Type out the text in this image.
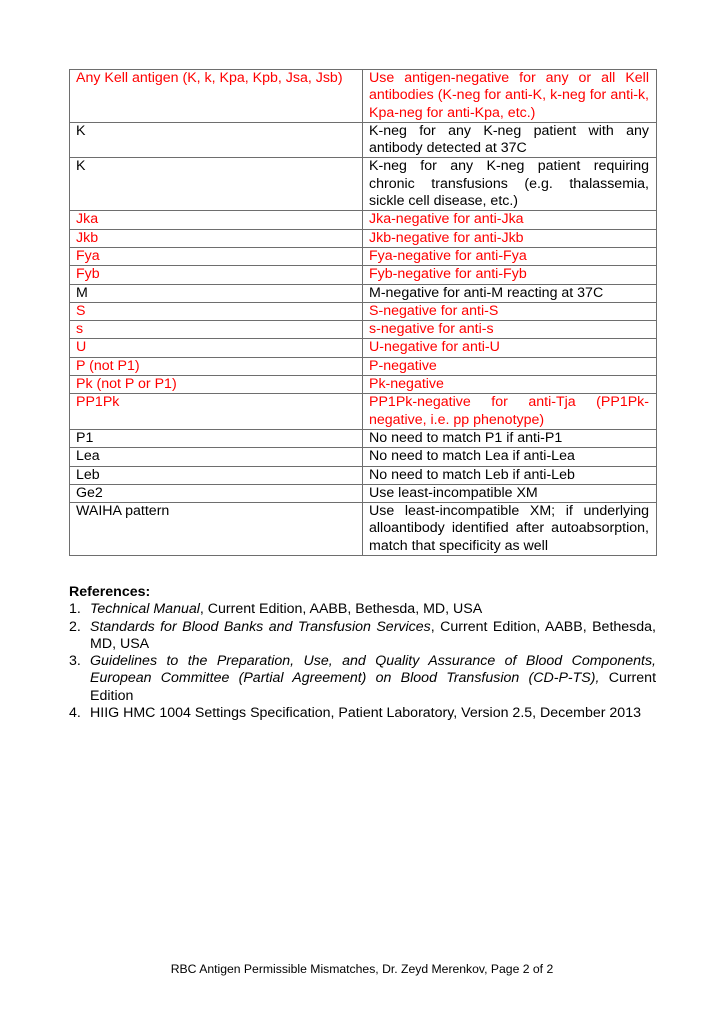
Any Kell antigen (K, k, Kpa, Kpb, Jsa, Jsb)	Use antigen-negative for any or all Kell antibodies (K-neg for anti-K, k-neg for anti-k, Kpa-neg for anti-Kpa, etc.)
K	K-neg for any K-neg patient with any antibody detected at 37C
K	K-neg for any K-neg patient requiring chronic transfusions (e.g. thalassemia, sickle cell disease, etc.)
Jka	Jka-negative for anti-Jka
Jkb	Jkb-negative for anti-Jkb
Fya	Fya-negative for anti-Fya
Fyb	Fyb-negative for anti-Fyb
M	M-negative for anti-M reacting at 37C
S	S-negative for anti-S
s	s-negative for anti-s
U	U-negative for anti-U
P (not P1)	P-negative
Pk (not P or P1)	Pk-negative
PP1Pk	PP1Pk-negative for anti-Tja (PP1Pk-negative, i.e. pp phenotype)
P1	No need to match P1 if anti-P1
Lea	No need to match Lea if anti-Lea
Leb	No need to match Leb if anti-Leb
Ge2	Use least-incompatible XM
WAIHA pattern	Use least-incompatible XM; if underlying alloantibody identified after autoabsorption, match that specificity as well

References:

1. Technical Manual, Current Edition, AABB, Bethesda, MD, USA
2. Standards for Blood Banks and Transfusion Services, Current Edition, AABB, Bethesda, MD, USA
3. Guidelines to the Preparation, Use, and Quality Assurance of Blood Components, European Committee (Partial Agreement) on Blood Transfusion (CD-P-TS), Current Edition
4. HIIG HMC 1004 Settings Specification, Patient Laboratory, Version 2.5, December 2013
RBC Antigen Permissible Mismatches, Dr. Zeyd Merenkov, Page 2 of 2
